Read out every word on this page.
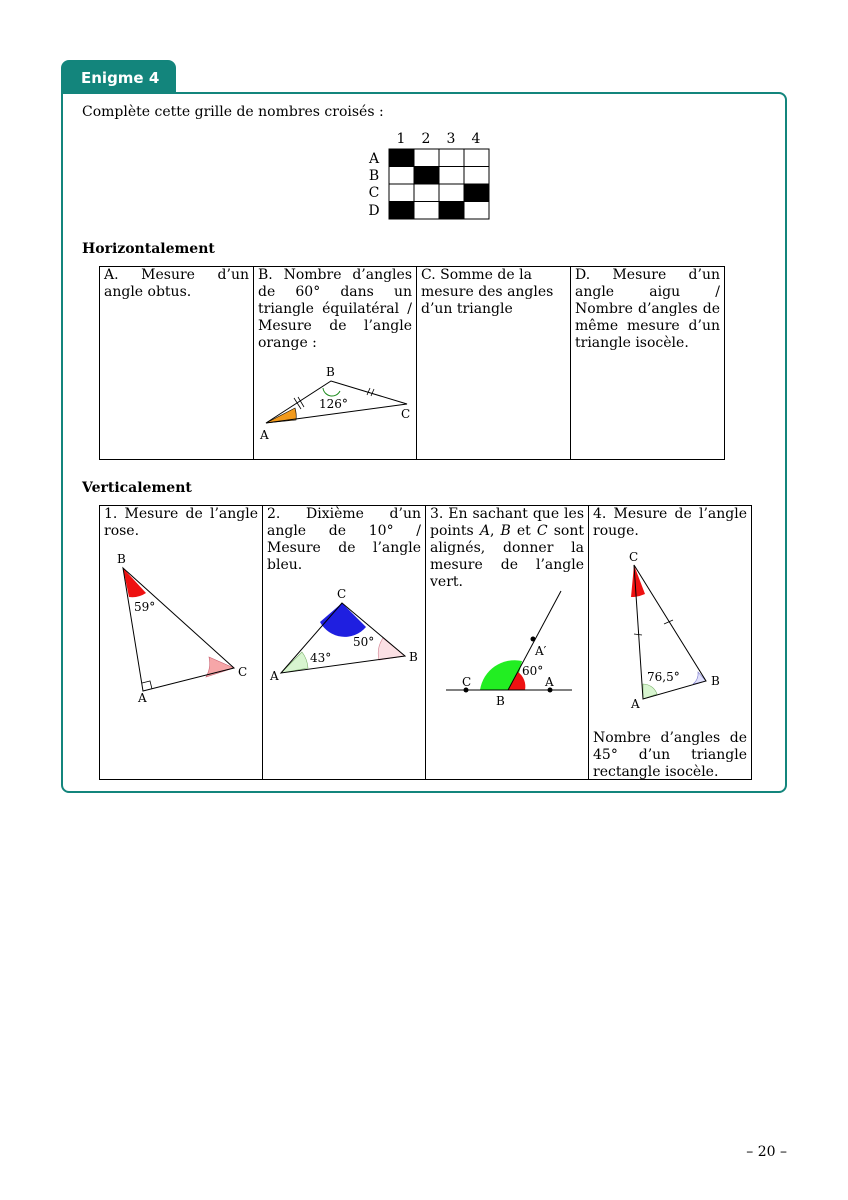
Enigme 4
Complète cette grille de nombres croisés :
1 2 3 4
A
B
C
D
Horizontalement
A. Mesure d’un angle obtus.

B. Nombre d’angles de 60° dans un triangle équilatéral / Mesure de l’angle orange :
B
A
C
126°

C. Somme de la mesure des angles d’un triangle

D. Mesure d’un angle aigu / Nombre d’angles de même mesure d’un triangle isocèle.
Verticalement
1. Mesure de l’angle rose.
B
C
A
59°

2. Dixième d’un angle de 10° / Mesure de l’angle bleu.
C
B
A
43°
50°

3. En sachant que les points A, B et C sont alignés, donner la mesure de l’angle vert.
C	A
B
A′
60°

4. Mesure de l’angle rouge.
C
B
A
76,5°
Nombre d’angles de 45° d’un triangle rectangle isocèle.
– 20 –
